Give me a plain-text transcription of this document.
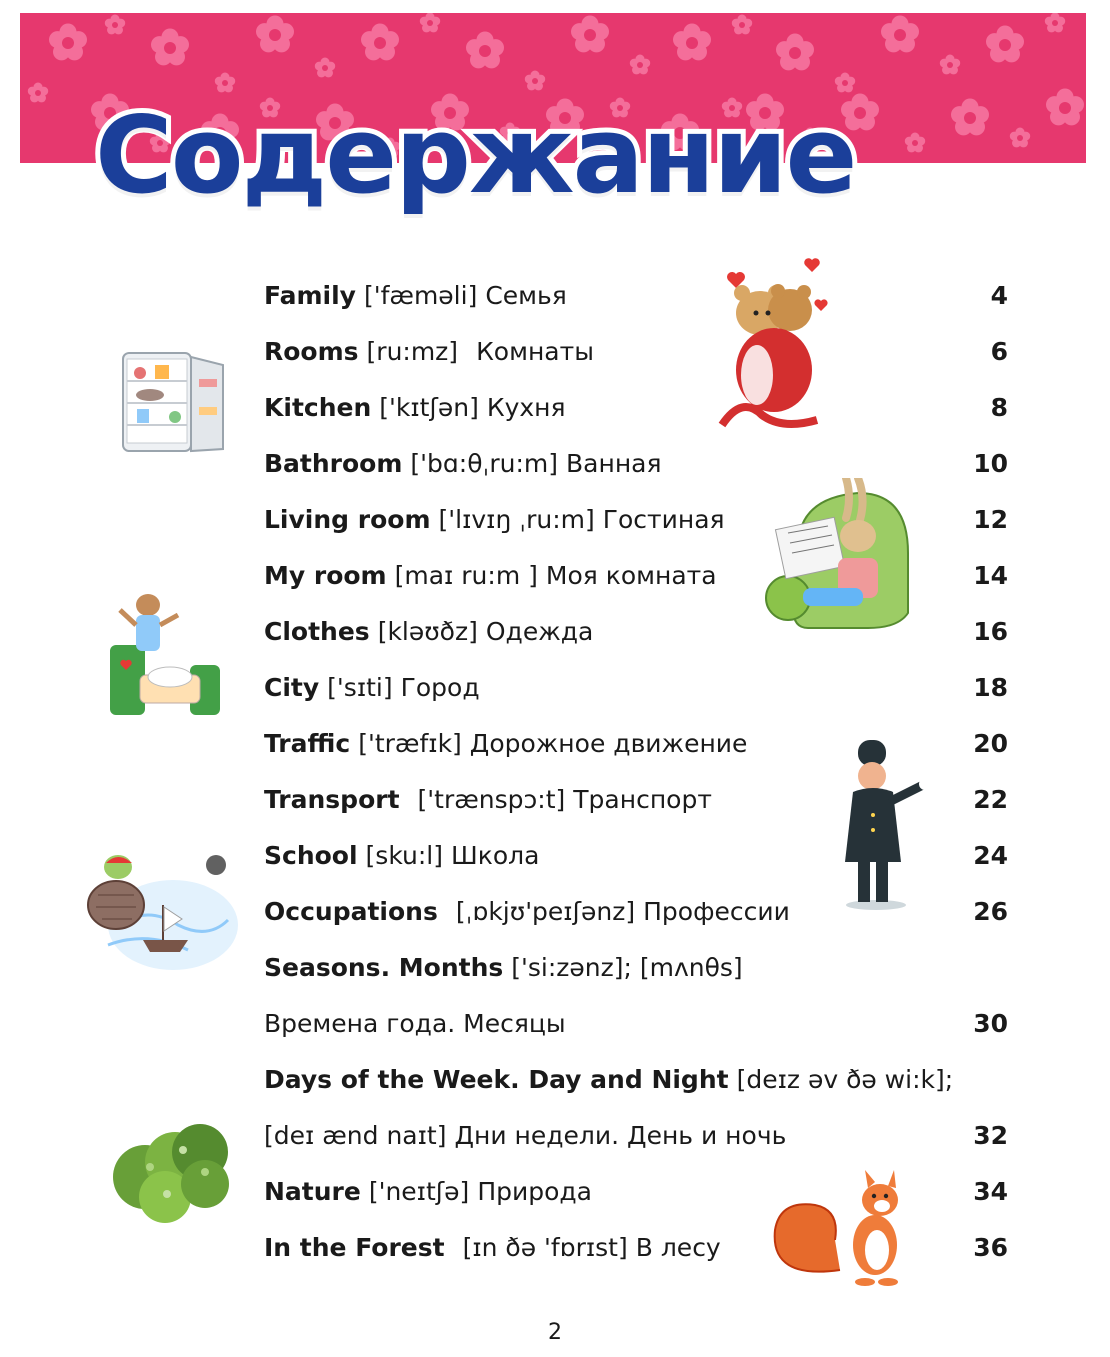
Содержание
Family ['fæməli] Семья	4
Rooms [ru:mz] Комнаты	6
Kitchen ['kɪtʃən] Кухня	8
Bathroom ['bɑ:θˌru:m] Ванная	10
Living room ['lɪvɪŋ ˌru:m] Гостиная	12
My room [maɪ ru:m ] Моя комната	14
Clothes [kləʊðz] Одежда	16
City ['sɪti] Город	18
Traffic ['træfɪk] Дорожное движение	20
Transport ['trænspɔ:t] Транспорт	22
School [sku:l] Школа	24
Occupations [ˌɒkjʊ'peɪʃənz] Профессии	26
Seasons. Months ['si:zənz]; [mʌnθs]
Времена года. Месяцы	30
Days of the Week. Day and Night [deɪz əv ðə wi:k];
[deɪ ænd naɪt] Дни недели. День и ночь	32
Nature ['neɪtʃə] Природа	34
In the Forest [ɪn ðə 'fɒrɪst] В лесу	36
2
